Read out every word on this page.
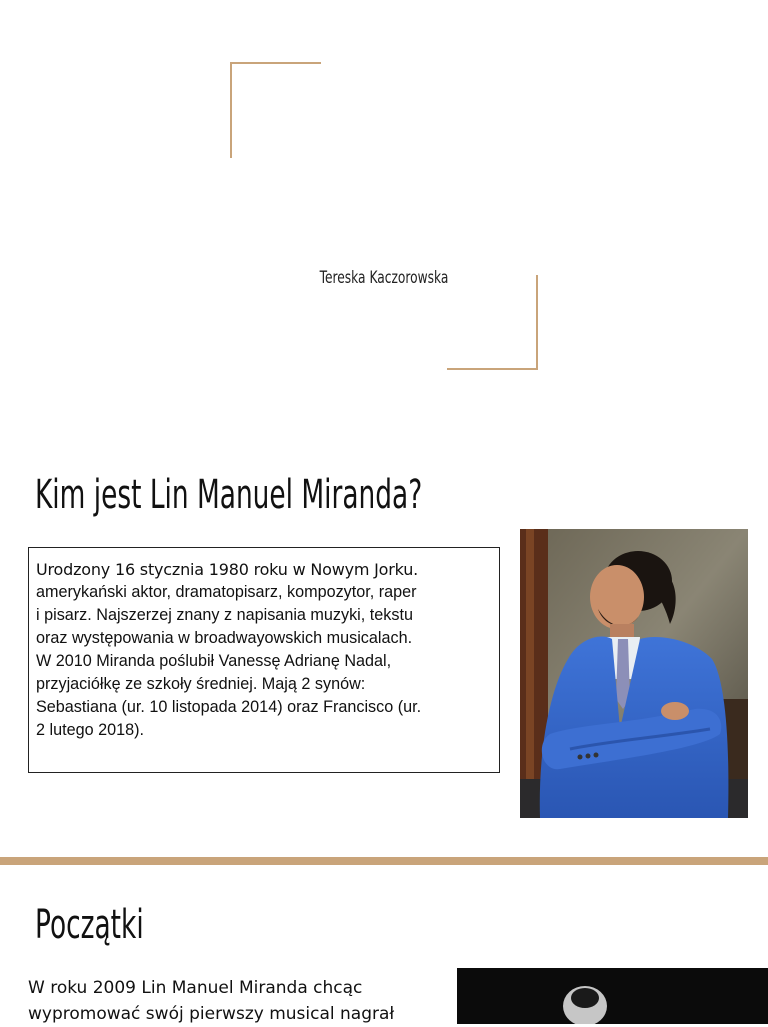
Tereska Kaczorowska
Kim jest Lin Manuel Miranda?
Urodzony 16 stycznia 1980 roku w Nowym Jorku.
amerykański aktor, dramatopisarz, kompozytor, raper
i pisarz. Najszerzej znany z napisania muzyki, tekstu
oraz występowania w broadwayowskich musicalach.
W 2010 Miranda poślubił Vanessę Adrianę Nadal,
przyjaciółkę ze szkoły średniej. Mają 2 synów:
Sebastiana (ur. 10 listopada 2014) oraz Francisco (ur.
2 lutego 2018).
Początki
W roku 2009 Lin Manuel Miranda chcąc
wypromować swój pierwszy musical nagrał
